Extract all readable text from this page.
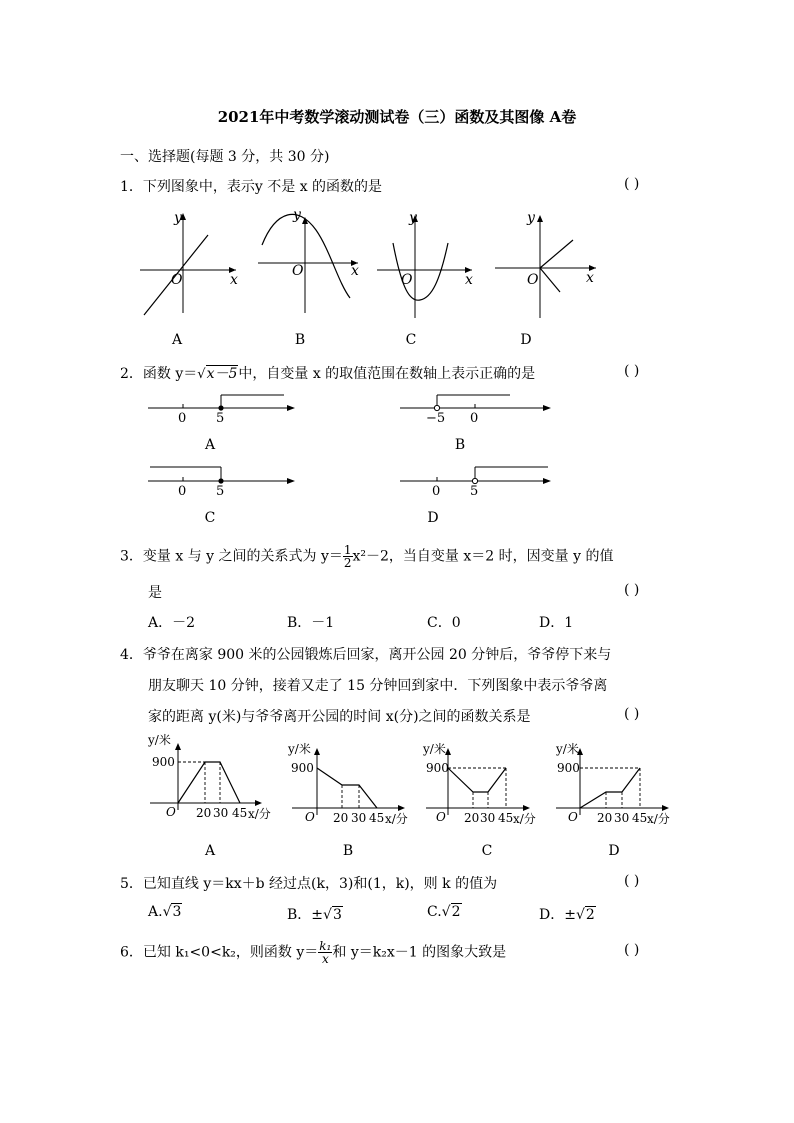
2021年中考数学滚动测试卷（三）函数及其图像 A卷
一、选择题(每题 3 分，共 30 分)
1．下列图象中，表示y 不是 x 的函数的是	( )
y
x
O
y
x
O
y
x
O
y
x
O
A	B	C	D
2．函数 y＝√x－5中，自变量 x 的取值范围在数轴上表示正确的是	( )
0 5	−5 0
0 5	0 5
A	B
C	D
3．变量 x 与 y 之间的关系式为 $y= \frac{1}{2} x^2-2$，当自变量 x＝2 时，因变量 y 的值
是	( )
A．－2	B．－1	C．0	D．1
4．爷爷在离家 900 米的公园锻炼后回家，离开公园 20 分钟后，爷爷停下来与
朋友聊天 10 分钟，接着又走了 15 分钟回到家中．下列图象中表示爷爷离
家的距离 y(米)与爷爷离开公园的时间 x(分)之间的函数关系是	( )
y/米
900
O 20 30 45 x/分
y/米
900
O 20 30 45 x/分
y/米
900
O 20 30 45 x/分
y/米
900
O 20 30 45 x/分
A	B	C	D
5．已知直线 y＝kx＋b 经过点(k，3)和(1，k)，则 k 的值为	( )
A.√3	B．±√3	C.√2	D．±√2
6．已知 k₁<0<k₂，则函数 $y= \frac{\text{k₁}}{x}$ 和 y＝k₂x－1 的图象大致是	( )
